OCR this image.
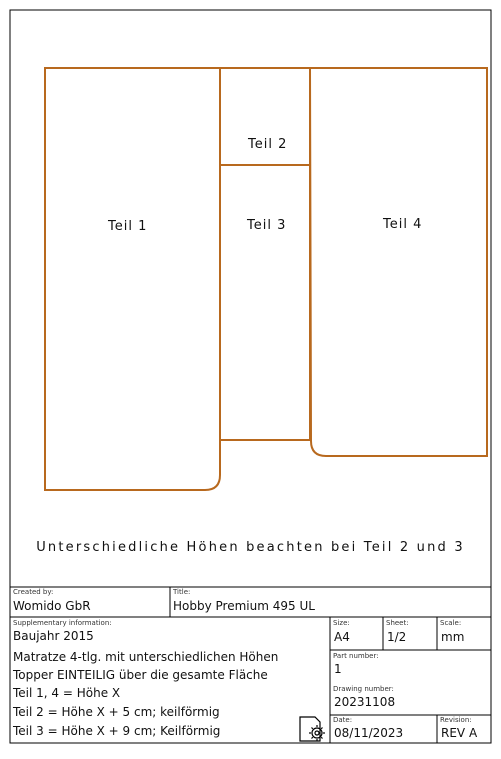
Teil 1
Teil 2
Teil 3	Teil 4
Unterschiedliche Höhen beachten bei Teil 2 und 3
Created by:
Womido GbR
Title:
Hobby Premium 495 UL
Supplementary information:
Baujahr 2015
Matratze 4-tlg. mit unterschiedlichen Höhen
Topper EINTEILIG über die gesamte Fläche
Teil 1, 4 = Höhe X
Teil 2 = Höhe X + 5 cm; keilförmig
Teil 3 = Höhe X + 9 cm; Keilförmig
Size:
A4
Sheet:
1/2
Scale:
mm
Part number:
1
Drawing number:
20231108
Date:
08/11/2023
Revision:
REV A
